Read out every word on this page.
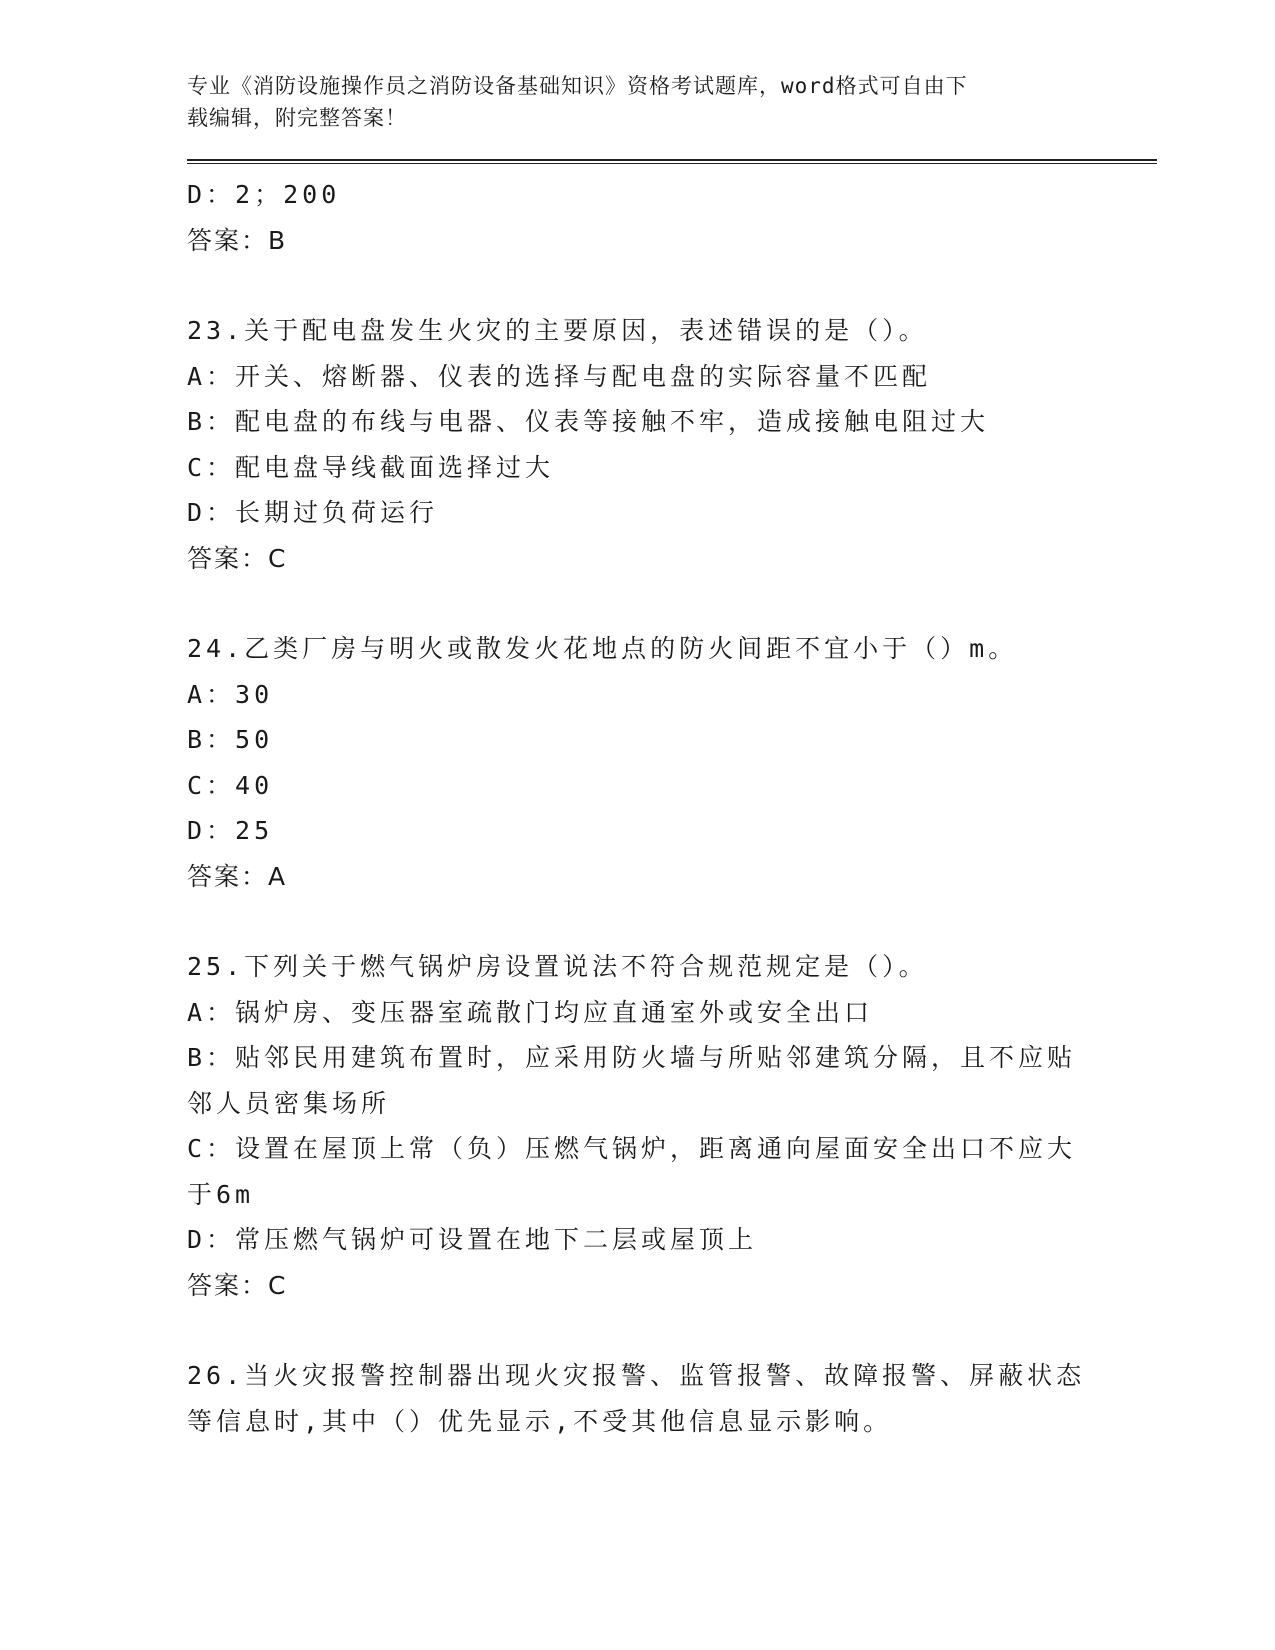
专业《消防设施操作员之消防设备基础知识》资格考试题库，word格式可自由下
载编辑，附完整答案！
D：2；200
答案：B
23.关于配电盘发生火灾的主要原因，表述错误的是（）。
A：开关、熔断器、仪表的选择与配电盘的实际容量不匹配
B：配电盘的布线与电器、仪表等接触不牢，造成接触电阻过大
C：配电盘导线截面选择过大
D：长期过负荷运行
答案：C
24.乙类厂房与明火或散发火花地点的防火间距不宜小于（）m。
A：30
B：50
C：40
D：25
答案：A
25.下列关于燃气锅炉房设置说法不符合规范规定是（）。
A：锅炉房、变压器室疏散门均应直通室外或安全出口
B：贴邻民用建筑布置时，应采用防火墙与所贴邻建筑分隔，且不应贴
邻人员密集场所
C：设置在屋顶上常（负）压燃气锅炉，距离通向屋面安全出口不应大
于6m
D：常压燃气锅炉可设置在地下二层或屋顶上
答案：C
26.当火灾报警控制器出现火灾报警、监管报警、故障报警、屏蔽状态
等信息时,其中（）优先显示,不受其他信息显示影响。
